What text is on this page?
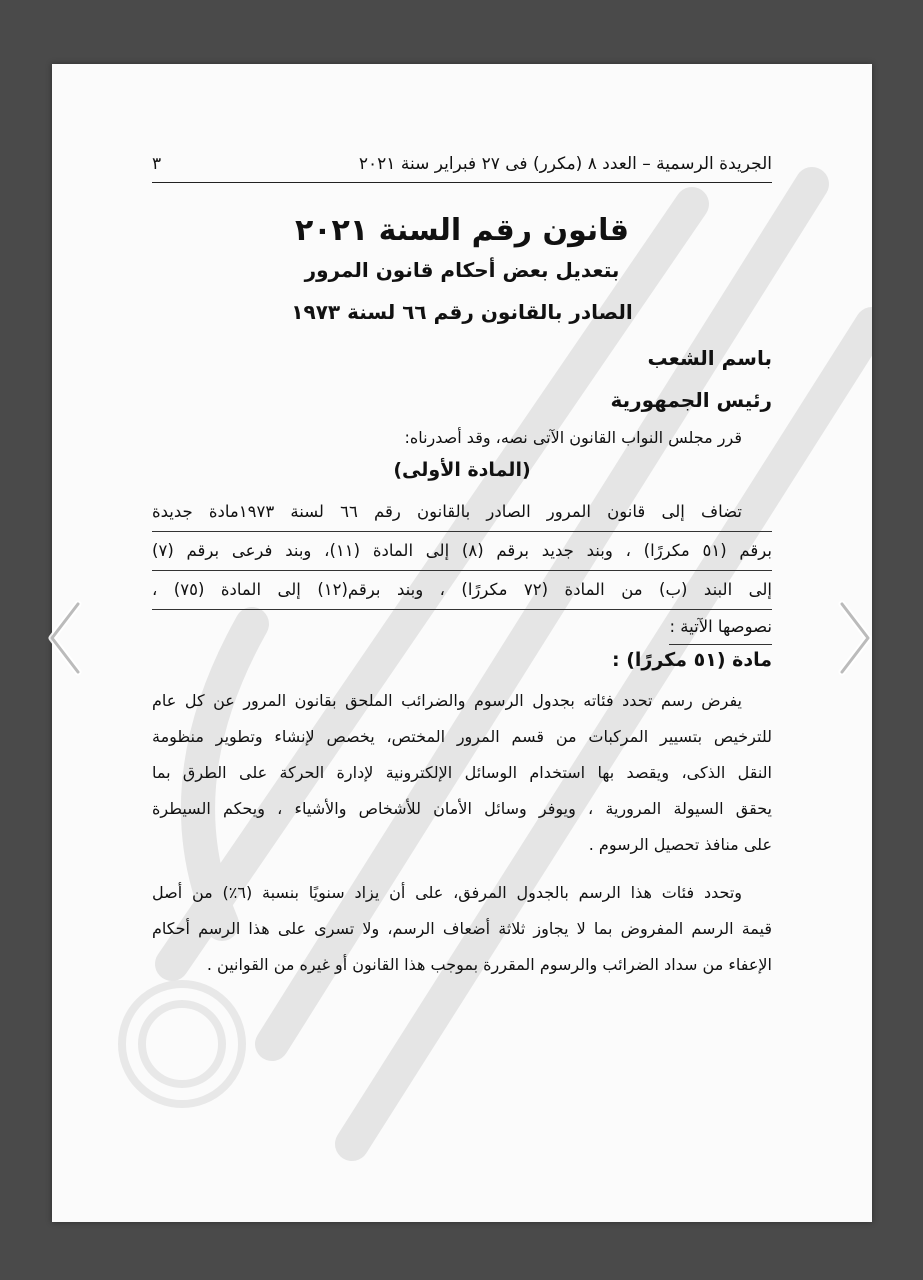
الجريدة الرسمية – العدد ٨ (مكرر) فى ٢٧ فبراير سنة ٢٠٢١
٣
قانون رقم السنة ٢٠٢١
بتعديل بعض أحكام قانون المرور
الصادر بالقانون رقم ٦٦ لسنة ١٩٧٣
باسم الشعب
رئيس الجمهورية
قرر مجلس النواب القانون الآتى نصه، وقد أصدرناه:
(المادة الأولى)
تضاف إلى قانون المرور الصادر بالقانون رقم ٦٦ لسنة ١٩٧٣مادة جديدة
برقم (٥١ مكررًا) ، وبند جديد برقم (٨) إلى المادة (١١)، وبند فرعى برقم (٧)
إلى البند (ب) من المادة (٧٢ مكررًا) ، وبند برقم(١٢) إلى المادة (٧٥) ،
نصوصها الآتية :
مادة (٥١ مكررًا) :
يفرض رسم تحدد فئاته بجدول الرسوم والضرائب الملحق بقانون المرور عن كل عام
للترخيص بتسيير المركبات من قسم المرور المختص، يخصص لإنشاء وتطوير منظومة
النقل الذكى، ويقصد بها استخدام الوسائل الإلكترونية لإدارة الحركة على الطرق بما
يحقق السيولة المرورية ، ويوفر وسائل الأمان للأشخاص والأشياء ، ويحكم السيطرة
على منافذ تحصيل الرسوم .
وتحدد فئات هذا الرسم بالجدول المرفق، على أن يزاد سنويًا بنسبة (٦٪) من أصل
قيمة الرسم المفروض بما لا يجاوز ثلاثة أضعاف الرسم، ولا تسرى على هذا الرسم أحكام
الإعفاء من سداد الضرائب والرسوم المقررة بموجب هذا القانون أو غيره من القوانين .
